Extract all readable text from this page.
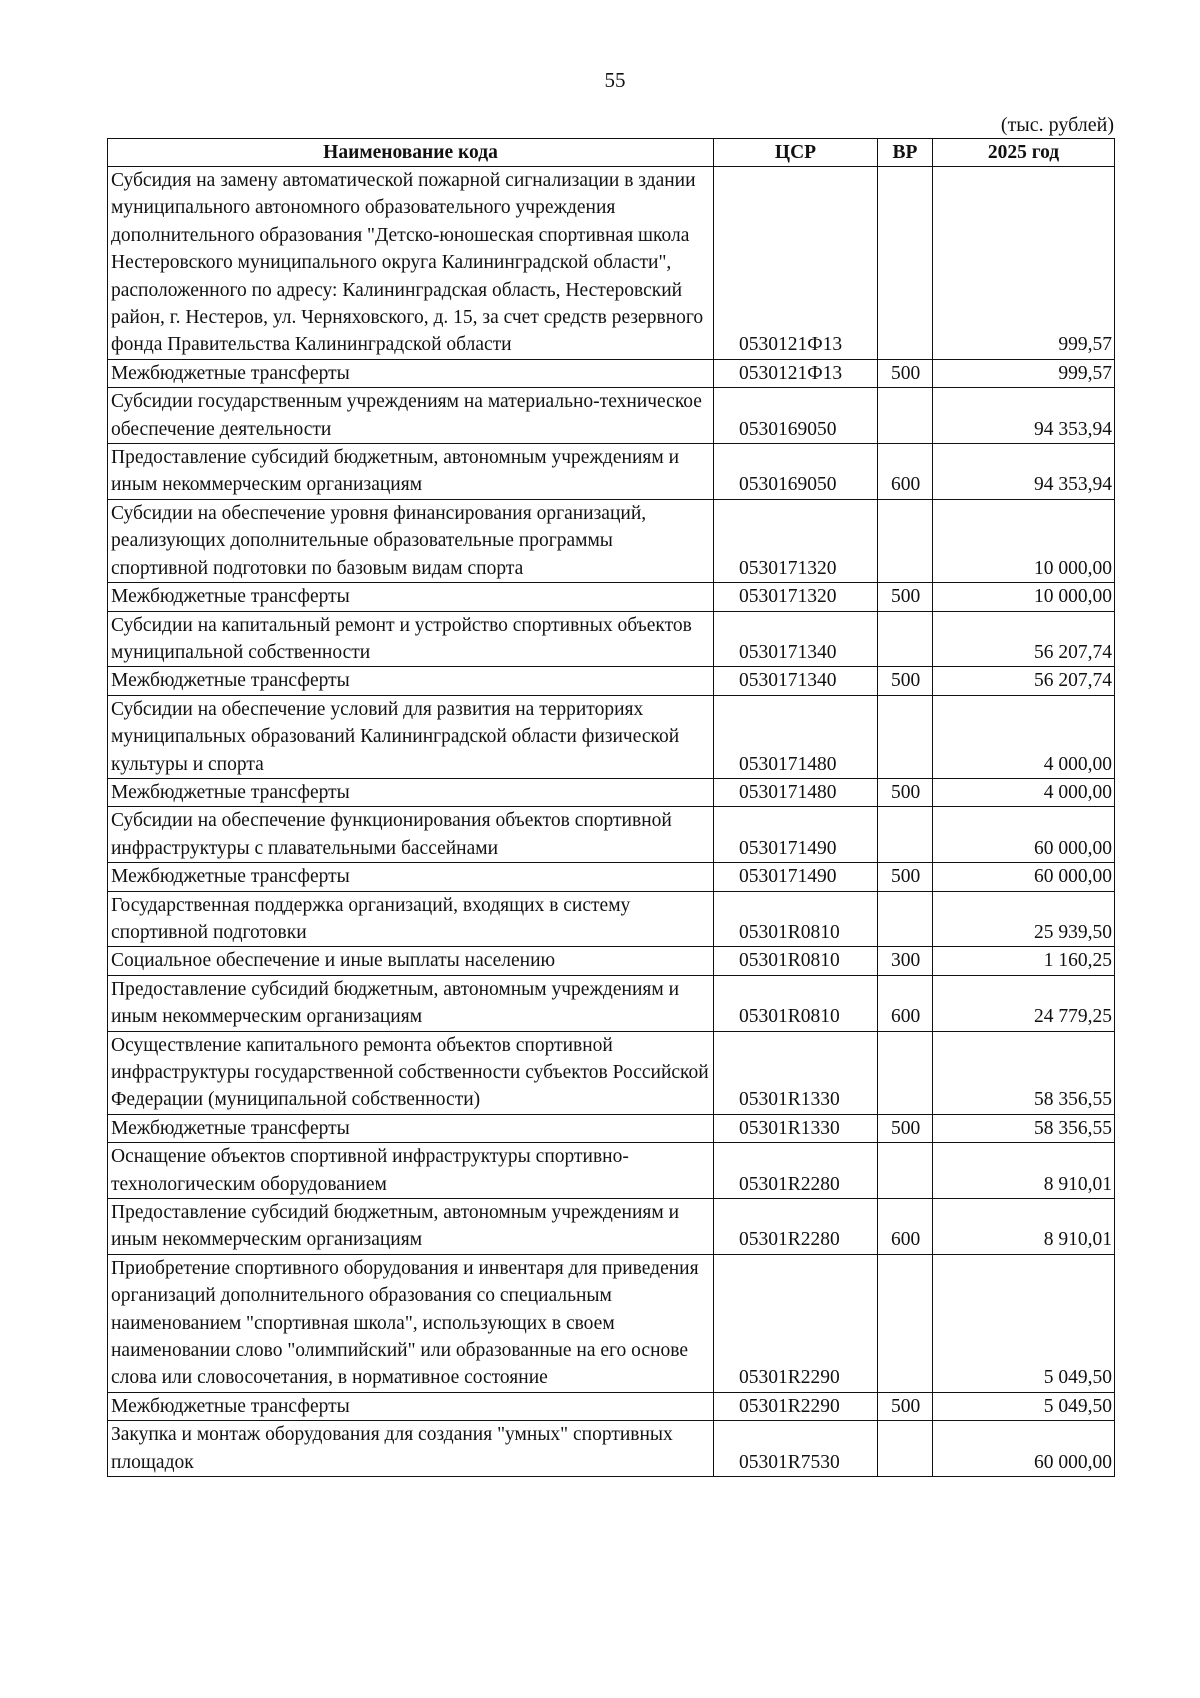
55
(тыс. рублей)
Наименование кода	ЦСР	ВР	2025 год
Субсидия на замену автоматической пожарной сигнализации в здании муниципального автономного образовательного учреждения дополнительного образования "Детско-юношеская спортивная школа Нестеровского муниципального округа Калининградской области", расположенного по адресу: Калининградская область, Нестеровский район, г. Нестеров, ул. Черняховского, д. 15, за счет средств резервного фонда Правительства Калининградской области	0530121Ф13		999,57
Межбюджетные трансферты	0530121Ф13	500	999,57
Субсидии государственным учреждениям на материально-техническое обеспечение деятельности	0530169050		94 353,94
Предоставление субсидий бюджетным, автономным учреждениям и иным некоммерческим организациям	0530169050	600	94 353,94
Субсидии на обеспечение уровня финансирования организаций, реализующих дополнительные образовательные программы спортивной подготовки по базовым видам спорта	0530171320		10 000,00
Межбюджетные трансферты	0530171320	500	10 000,00
Субсидии на капитальный ремонт и устройство спортивных объектов муниципальной собственности	0530171340		56 207,74
Межбюджетные трансферты	0530171340	500	56 207,74
Субсидии на обеспечение условий для развития на территориях муниципальных образований Калининградской области физической культуры и спорта	0530171480		4 000,00
Межбюджетные трансферты	0530171480	500	4 000,00
Субсидии на обеспечение функционирования объектов спортивной инфраструктуры с плавательными бассейнами	0530171490		60 000,00
Межбюджетные трансферты	0530171490	500	60 000,00
Государственная поддержка организаций, входящих в систему спортивной подготовки	05301R0810		25 939,50
Социальное обеспечение и иные выплаты населению	05301R0810	300	1 160,25
Предоставление субсидий бюджетным, автономным учреждениям и иным некоммерческим организациям	05301R0810	600	24 779,25
Осуществление капитального ремонта объектов спортивной инфраструктуры государственной собственности субъектов Российской Федерации (муниципальной собственности)	05301R1330		58 356,55
Межбюджетные трансферты	05301R1330	500	58 356,55
Оснащение объектов спортивной инфраструктуры спортивно-технологическим оборудованием	05301R2280		8 910,01
Предоставление субсидий бюджетным, автономным учреждениям и иным некоммерческим организациям	05301R2280	600	8 910,01
Приобретение спортивного оборудования и инвентаря для приведения организаций дополнительного образования со специальным наименованием "спортивная школа", использующих в своем наименовании слово "олимпийский" или образованные на его основе слова или словосочетания, в нормативное состояние	05301R2290		5 049,50
Межбюджетные трансферты	05301R2290	500	5 049,50
Закупка и монтаж оборудования для создания "умных" спортивных площадок	05301R7530		60 000,00
